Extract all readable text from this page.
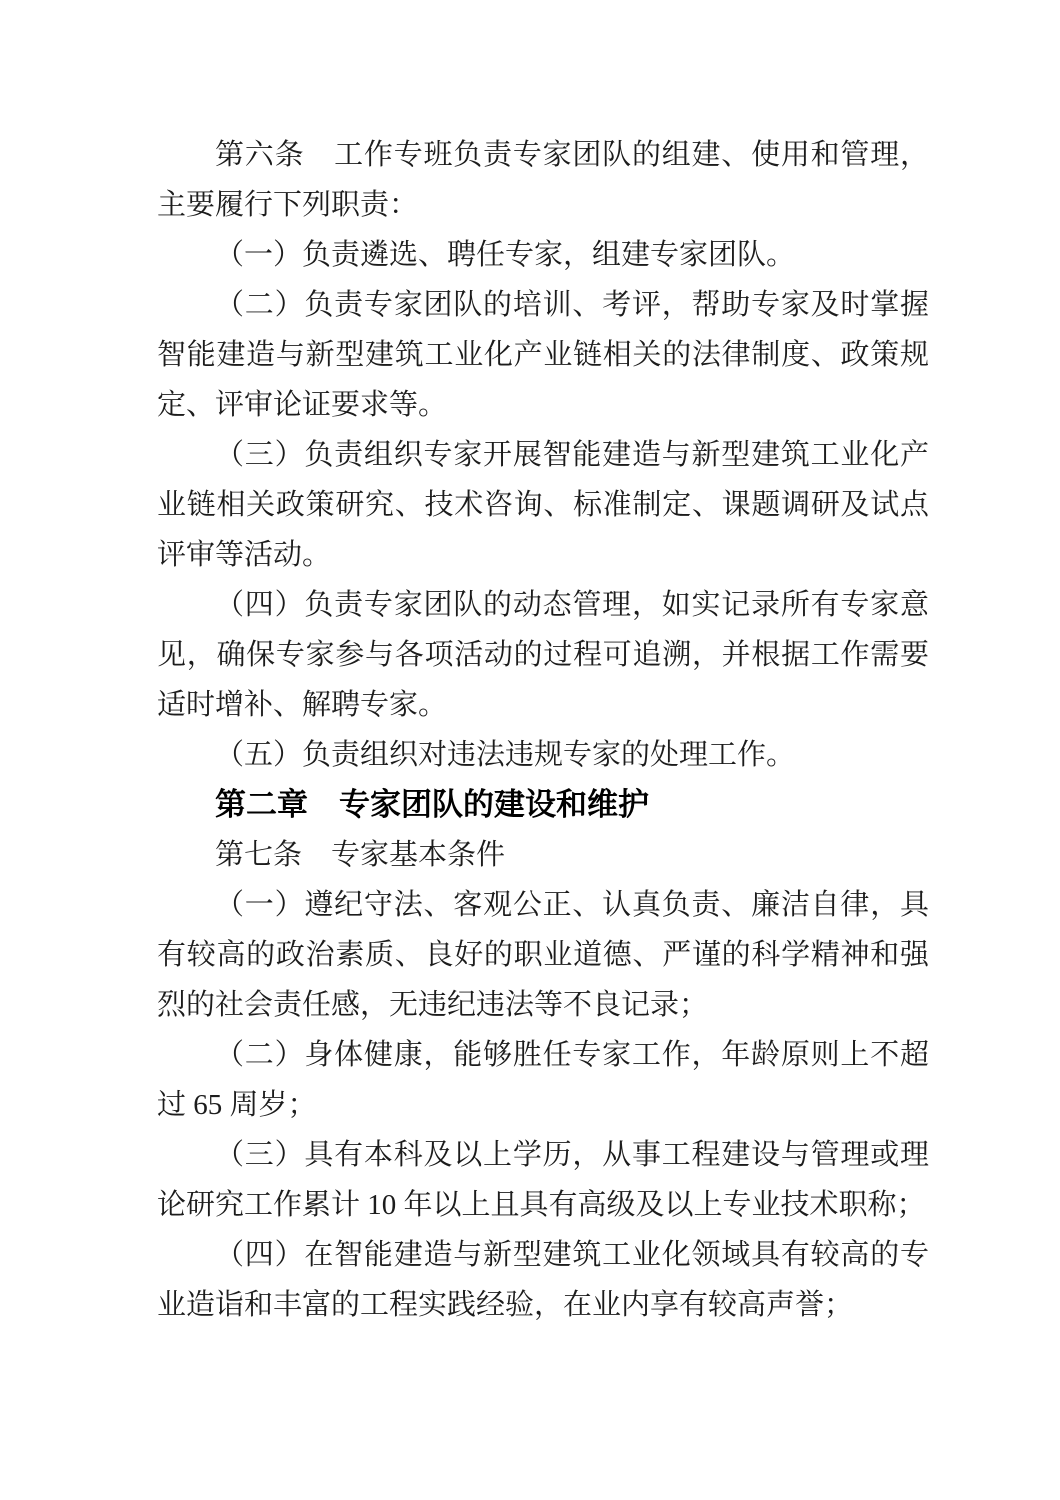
第六条　工作专班负责专家团队的组建、使用和管理，主要履行下列职责：

（一）负责遴选、聘任专家，组建专家团队。

（二）负责专家团队的培训、考评，帮助专家及时掌握智能建造与新型建筑工业化产业链相关的法律制度、政策规定、评审论证要求等。

（三）负责组织专家开展智能建造与新型建筑工业化产业链相关政策研究、技术咨询、标准制定、课题调研及试点评审等活动。

（四）负责专家团队的动态管理，如实记录所有专家意见，确保专家参与各项活动的过程可追溯，并根据工作需要适时增补、解聘专家。

（五）负责组织对违法违规专家的处理工作。

第二章　专家团队的建设和维护

第七条　专家基本条件

（一）遵纪守法、客观公正、认真负责、廉洁自律，具有较高的政治素质、良好的职业道德、严谨的科学精神和强烈的社会责任感，无违纪违法等不良记录；

（二）身体健康，能够胜任专家工作，年龄原则上不超过 65 周岁；

（三）具有本科及以上学历，从事工程建设与管理或理论研究工作累计 10 年以上且具有高级及以上专业技术职称；

（四）在智能建造与新型建筑工业化领域具有较高的专业造诣和丰富的工程实践经验，在业内享有较高声誉；
